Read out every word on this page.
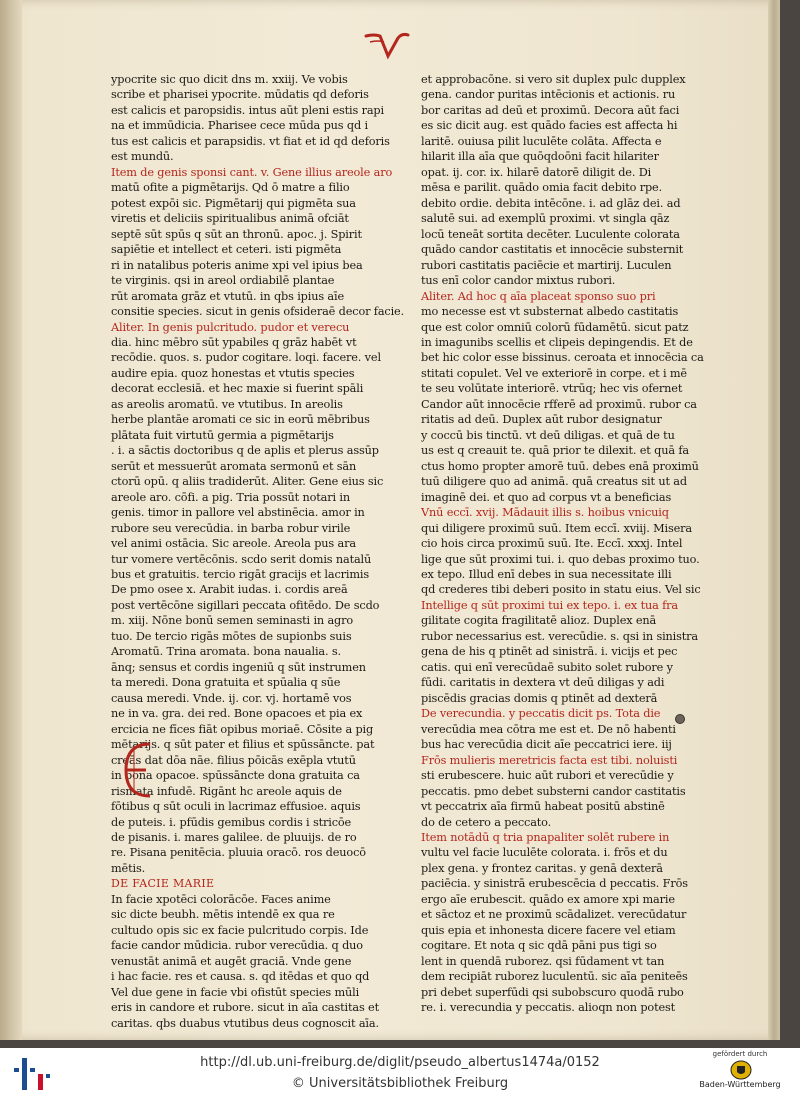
ypocrite sic quo dicit dns m. xxiij. Ve vobis
scribe et pharisei ypocrite. mūdatis qd deforis
est calicis et paropsidis. intus aūt pleni estis rapi
na et immūdicia. Pharisee cece mūda pus qd i
tus est calicis et parapsidis. vt fiat et id qd deforis
est mundū.
Item de genis sponsi cant. v. Gene illius areole aro
matū ofite a pigmētarijs. Qd ō matre a filio
potest expōi sic. Pigmētarij qui pigmēta sua
viretis et deliciis spiritualibus animā ofciāt
septē sūt spūs q sūt an thronū. apoc. j. Spirit
sapiētie et intellect et ceteri. isti pigmēta
ri in natalibus poteris anime xpi vel ipius bea
te virginis. qsi in areol ordiabilē plantae
rūt aromata grāz et vtutū. in qbs ipius aīe
consitie species. sicut in genis ofsideraē decor facie.
Aliter. In genis pulcritudo. pudor et verecu
dia. hinc mēbro sūt ypabiles q grāz habēt vt
recōdie. quos. s. pudor cogitare. loqi. facere. vel
audire epia. quoz honestas et vtutis species
decorat ecclesiā. et hec maxie si fuerint spāli
as areolis aromatū. ve vtutibus. In areolis
herbe plantāe aromati ce sic in eorū mēbribus
plātata fuit virtutū germia a pigmētarijs
. i. a sāctis doctoribus q de aplis et plerus assūp
serūt et messuerūt aromata sermonū et sān
ctorū opū. q aliis tradiderūt. Aliter. Gene eius sic
areole aro. cōfi. a pig. Tria possūt notari in
genis. timor in pallore vel abstinēcia. amor in
rubore seu verecūdia. in barba robur virile
vel animi ostācia. Sic areole. Areola pus ara
tur vomere vertēcōnis. scdo serit domis natalū
bus et gratuitis. tercio rigāt gracijs et lacrimis
De pmo osee x. Arabit iudas. i. cordis areā
post vertēcōne sigillari peccata ofitēdo. De scdo
m. xiij. Nōne bonū semen seminasti in agro
tuo. De tercio rigās mōtes de supionbs suis
Aromatū. Trina aromata. bona naualia. s.
ānq; sensus et cordis ingeniū q sūt instrumen
ta meredi. Dona gratuita et spūalia q sūe
causa meredi. Vnde. ij. cor. vj. hortamē vos
ne in va. gra. dei red. Bone opacoes et pia ex
ercicia ne fīces fiāt opibus moriaē. Cōsite a pig
mētarijs. q sūt pater et filius et spūssāncte. pat
creās dat dōa nāe. filius pōicās exēpla vtutū
in bona opacoe. spūssāncte dona gratuita ca
rismata infudē. Rigānt hc areole aquis de
fōtibus q sūt oculi in lacrimaz effusioe. aquis
de puteis. i. pfūdis gemibus cordis i stricōe
de pisanis. i. mares galilee. de pluuijs. de ro
re. Pisana penitēcia. pluuia oracō. ros deuocō
mētis.
DE FACIE MARIE
In facie xpotēci colorācōe. Faces anime
sic dicte beubh. mētis intendē ex qua re
cultudo opis sic ex facie pulcritudo corpis. Ide
facie candor mūdicia. rubor verecūdia. q duo
venustāt animā et augēt graciā. Vnde gene
i hac facie. res et causa. s. qd itēdas et quo qd
Vel due gene in facie vbi ofistūt species mūli
eris in candore et rubore. sicut in aīa castitas et
caritas. qbs duabus vtutibus deus cognoscit aīa.
et approbacōne. si vero sit duplex pulc dupplex
gena. candor puritas intēcionis et actionis. ru
bor caritas ad deū et proximū. Decora aūt faci
es sic dicit aug. est quādo facies est affecta hi
laritē. ouiusa pilit luculēte colāta. Affecta e
hilarit illa aīa que quōqdoōni facit hilariter
opat. ij. cor. ix. hilarē datorē diligit de. Di
mēsa e parilit. quādo omia facit debito rpe.
debito ordie. debita intēcōne. i. ad glāz dei. ad
salutē sui. ad exemplū proximi. vt singla qāz
locū teneāt sortita decēter. Luculente colorata
quādo candor castitatis et innocēcie substernit
rubori castitatis paciēcie et martirij. Luculen
tus enī color candor mixtus rubori.
Aliter. Ad hoc q aīa placeat sponso suo pri
mo necesse est vt substernat albedo castitatis
que est color omniū colorū fūdamētū. sicut patz
in imagunibs scellis et clipeis depingendis. Et de
bet hic color esse bissinus. ceroata et innocēcia ca
stitati copulet. Vel ve exteriorē in corpe. et i mē
te seu volūtate interiorē. vtrūq; hec vis ofernet
Candor aūt innocēcie rfferē ad proximū. rubor ca
ritatis ad deū. Duplex aūt rubor designatur
y coccū bis tinctū. vt deū diligas. et quā de tu
us est q creauit te. quā prior te dilexit. et quā fa
ctus homo propter amorē tuū. debes enā proximū
tuū diligere quo ad animā. quā creatus sit ut ad
imaginē dei. et quo ad corpus vt a beneficias
Vnū eccī. xvij. Mādauit illis s. hoibus vnicuiq
qui diligere proximū suū. Item eccī. xviij. Misera
cio hois circa proximū suū. Ite. Eccī. xxxj. Intel
lige que sūt proximi tui. i. quo debas proximo tuo.
ex tepo. Illud enī debes in sua necessitate illi
qd crederes tibi deberi posito in statu eius. Vel sic
Intellige q sūt proximi tui ex tepo. i. ex tua fra
gilitate cogita fragilitatē alioz. Duplex enā
rubor necessarius est. verecūdie. s. qsi in sinistra
gena de his q ptinēt ad sinistrā. i. vicijs et pec
catis. qui enī verecūdaē subito solet rubore y
fūdi. caritatis in dextera vt deū diligas y adi
piscēdis gracias domis q ptinēt ad dexterā
De verecundia. y peccatis dicit ps. Tota die
verecūdia mea cōtra me est et. De nō habenti
bus hac verecūdia dicit aīe peccatrici iere. iij
Frōs mulieris meretricis facta est tibi. noluisti
sti erubescere. huic aūt rubori et verecūdie y
peccatis. pmo debet substerni candor castitatis
vt peccatrix aīa firmū habeat positū abstinē
do de cetero a peccato.
Item notādū q tria pnapaliter solēt rubere in
vultu vel facie luculēte colorata. i. frōs et du
plex gena. y frontez caritas. y genā dexterā
paciēcia. y sinistrā erubescēcia d peccatis. Frōs
ergo aīe erubescit. quādo ex amore xpi marie
et sāctoz et ne proximū scādalizet. verecūdatur
quis epia et inhonesta dicere facere vel etiam
cogitare. Et nota q sic qdā pāni pus tigi so
lent in quendā ruborez. qsi fūdament vt tan
dem recipiāt ruborez luculentū. sic aīa peniteēs
pri debet superfūdi qsi subobscuro quodā rubo
re. i. verecundia y peccatis. alioqn non potest
http://dl.ub.uni-freiburg.de/diglit/pseudo_albertus1474a/0152
© Universitätsbibliothek Freiburg
gefördert durch
Baden-Württemberg
